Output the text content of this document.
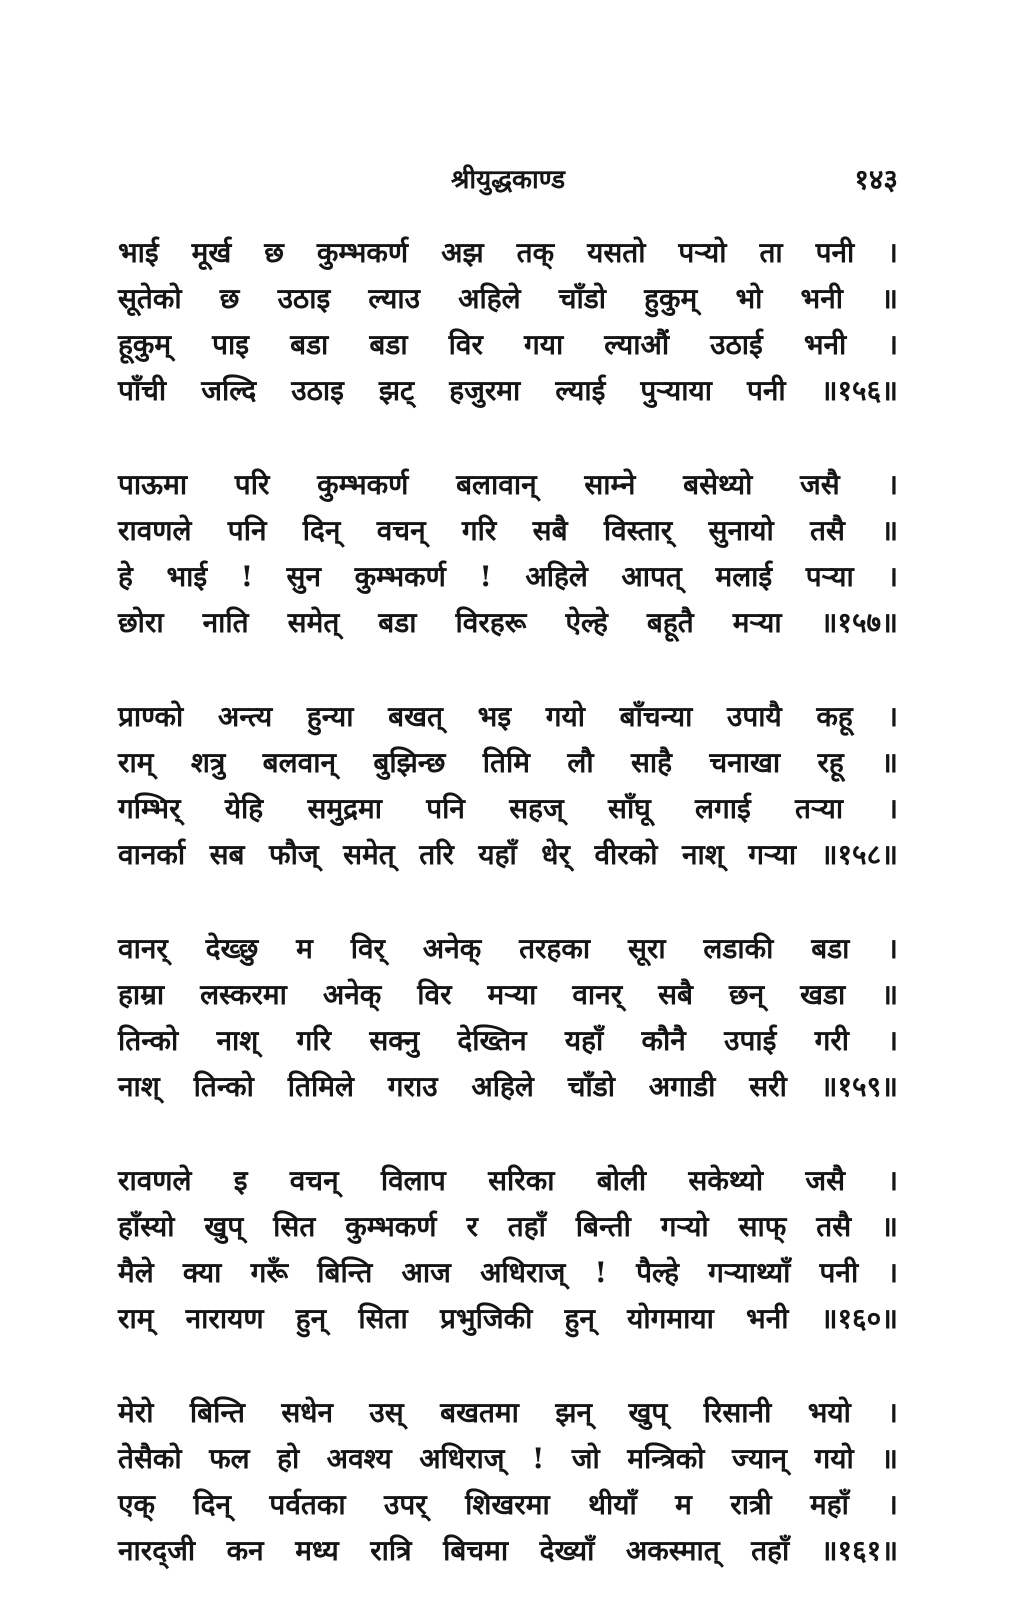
श्रीयुद्धकाण्ड	१४३
भाई मूर्ख छ कुम्भकर्ण अझ तक् यसतो पऱ्यो ता पनी ।
सूतेको छ उठाइ ल्याउ अहिले चाँडो हुकुम् भो भनी ॥
हूकुम् पाइ बडा बडा विर गया ल्याऔं उठाई भनी ।
पाँची जल्दि उठाइ झट् हजुरमा ल्याई पुऱ्याया पनी ॥१५६॥
पाऊमा परि कुम्भकर्ण बलावान् साम्ने बसेथ्यो जसै ।
रावणले पनि दिन् वचन् गरि सबै विस्तार् सुनायो तसै ॥
हे भाई ! सुन कुम्भकर्ण ! अहिले आपत् मलाई पऱ्या ।
छोरा नाति समेत् बडा विरहरू ऐल्हे बहूतै मऱ्या ॥१५७॥
प्राण्को अन्त्य हुन्या बखत् भइ गयो बाँचन्या उपायै कहू ।
राम् शत्रु बलवान् बुझिन्छ तिमि लौ साहै चनाखा रहू ॥
गम्भिर् येहि समुद्रमा पनि सहज् साँघू लगाई तऱ्या ।
वानर्का सब फौज् समेत् तरि यहाँ धेर् वीरको नाश् गऱ्या ॥१५८॥
वानर् देख्छु म विर् अनेक् तरहका सूरा लडाकी बडा ।
हाम्रा लस्करमा अनेक् विर मऱ्या वानर् सबै छन् खडा ॥
तिन्को नाश् गरि सक्नु देख्तिन यहाँ कौनै उपाई गरी ।
नाश् तिन्को तिमिले गराउ अहिले चाँडो अगाडी सरी ॥१५९॥
रावणले इ वचन् विलाप सरिका बोली सकेथ्यो जसै ।
हाँस्यो खुप् सित कुम्भकर्ण र तहाँ बिन्ती गऱ्यो साफ् तसै ॥
मैले क्या गरूँ बिन्ति आज अधिराज् ! पैल्हे गऱ्याथ्याँ पनी ।
राम् नारायण हुन् सिता प्रभुजिकी हुन् योगमाया भनी ॥१६०॥
मेरो बिन्ति सधेन उस् बखतमा झन् खुप् रिसानी भयो ।
तेसैको फल हो अवश्य अधिराज् ! जो मन्त्रिको ज्यान् गयो ॥
एक् दिन् पर्वतका उपर् शिखरमा थीयाँ म रात्री महाँ ।
नारद्जी कन मध्य रात्रि बिचमा देख्याँ अकस्मात् तहाँ ॥१६१॥
